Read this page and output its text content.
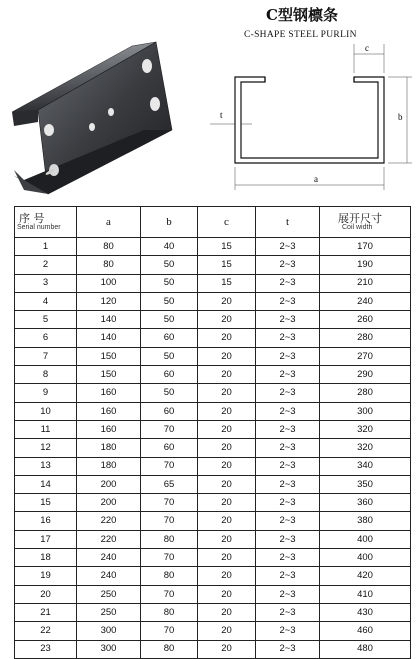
C型钢檩条
C-SHAPE STEEL PURLIN
c
b
a
t
序 号
Serial number	a	b	c	t	展开尺寸
Coil width

1	80	40	15	2~3	170
2	80	50	15	2~3	190
3	100	50	15	2~3	210
4	120	50	20	2~3	240
5	140	50	20	2~3	260
6	140	60	20	2~3	280
7	150	50	20	2~3	270
8	150	60	20	2~3	290
9	160	50	20	2~3	280
10	160	60	20	2~3	300
11	160	70	20	2~3	320
12	180	60	20	2~3	320
13	180	70	20	2~3	340
14	200	65	20	2~3	350
15	200	70	20	2~3	360
16	220	70	20	2~3	380
17	220	80	20	2~3	400
18	240	70	20	2~3	400
19	240	80	20	2~3	420
20	250	70	20	2~3	410
21	250	80	20	2~3	430
22	300	70	20	2~3	460
23	300	80	20	2~3	480
